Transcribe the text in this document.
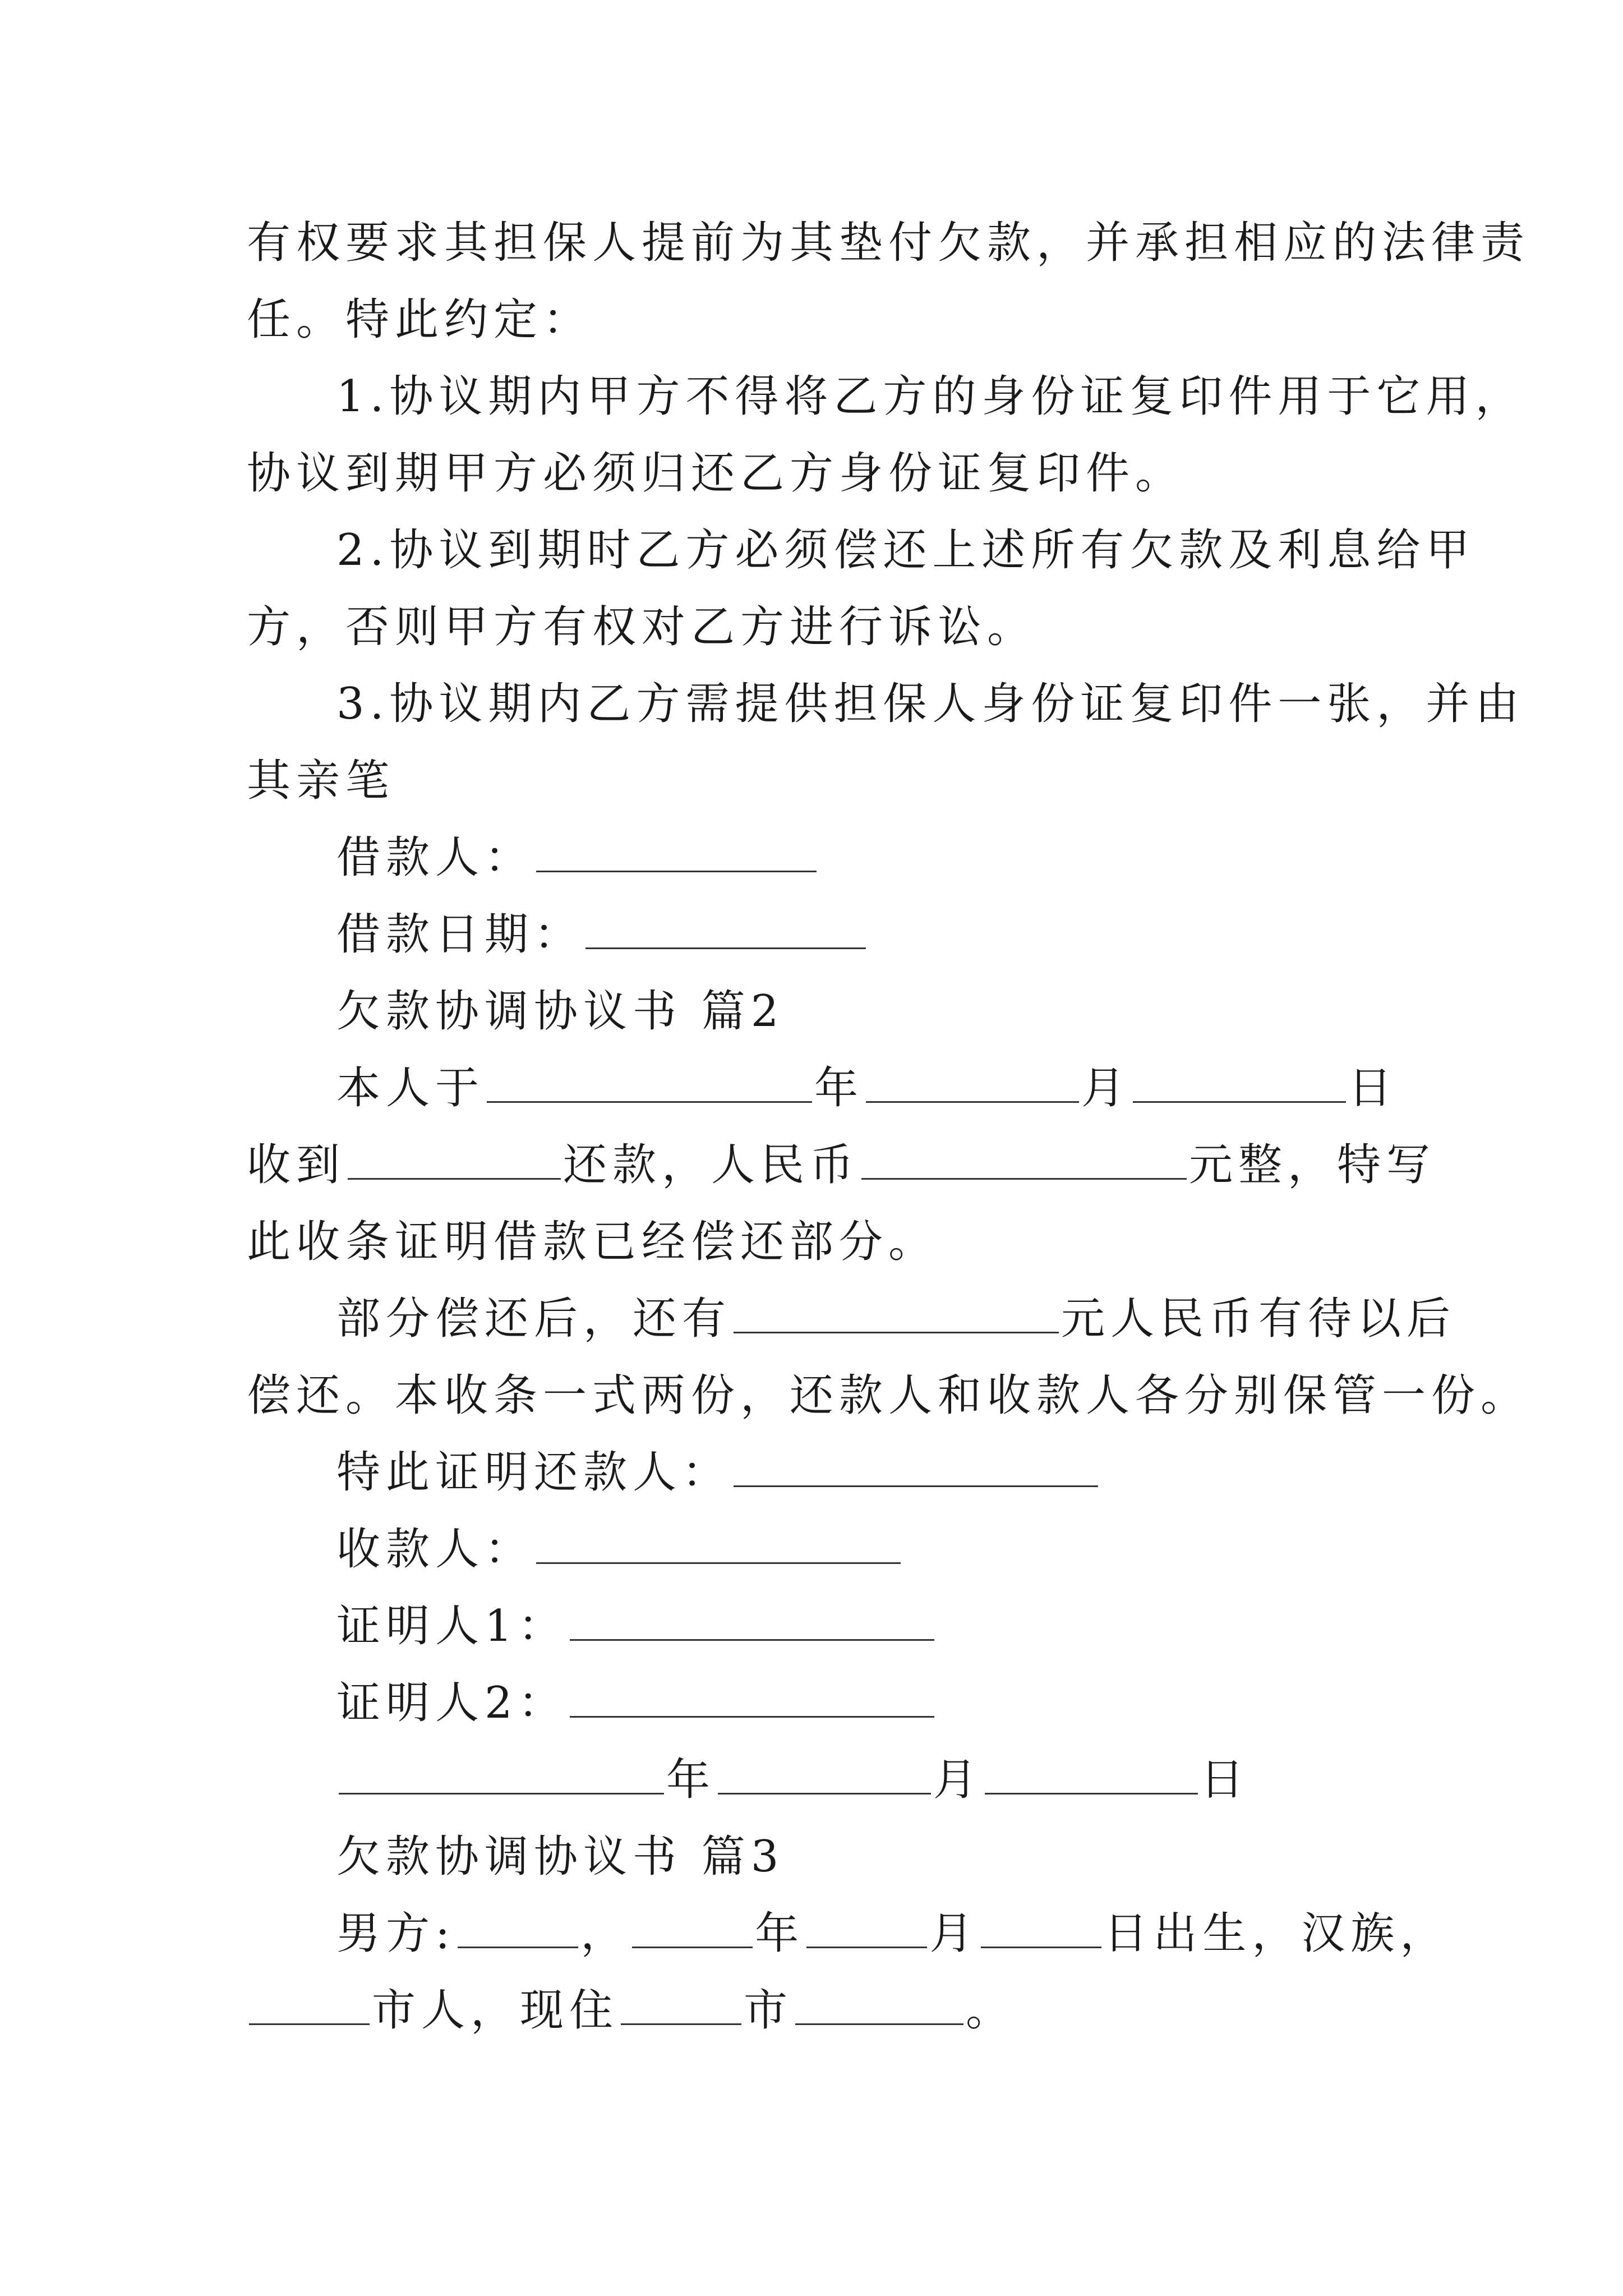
有权要求其担保人提前为其垫付欠款，并承担相应的法律责
任。特此约定：
1.协议期内甲方不得将乙方的身份证复印件用于它用，
协议到期甲方必须归还乙方身份证复印件。
2.协议到期时乙方必须偿还上述所有欠款及利息给甲
方，否则甲方有权对乙方进行诉讼。
3.协议期内乙方需提供担保人身份证复印件一张，并由
其亲笔
借款人：
借款日期：
欠款协调协议书 篇2
本人于	年	月	日
收到	还款，人民币	元整，特写
此收条证明借款已经偿还部分。
部分偿还后，还有	元人民币有待以后
偿还。本收条一式两份，还款人和收款人各分别保管一份。
特此证明还款人：
收款人：
证明人1：
证明人2：
年	月	日
欠款协调协议书 篇3
男方:	，	年	月	日出生，汉族，
市人，现住	市	。
